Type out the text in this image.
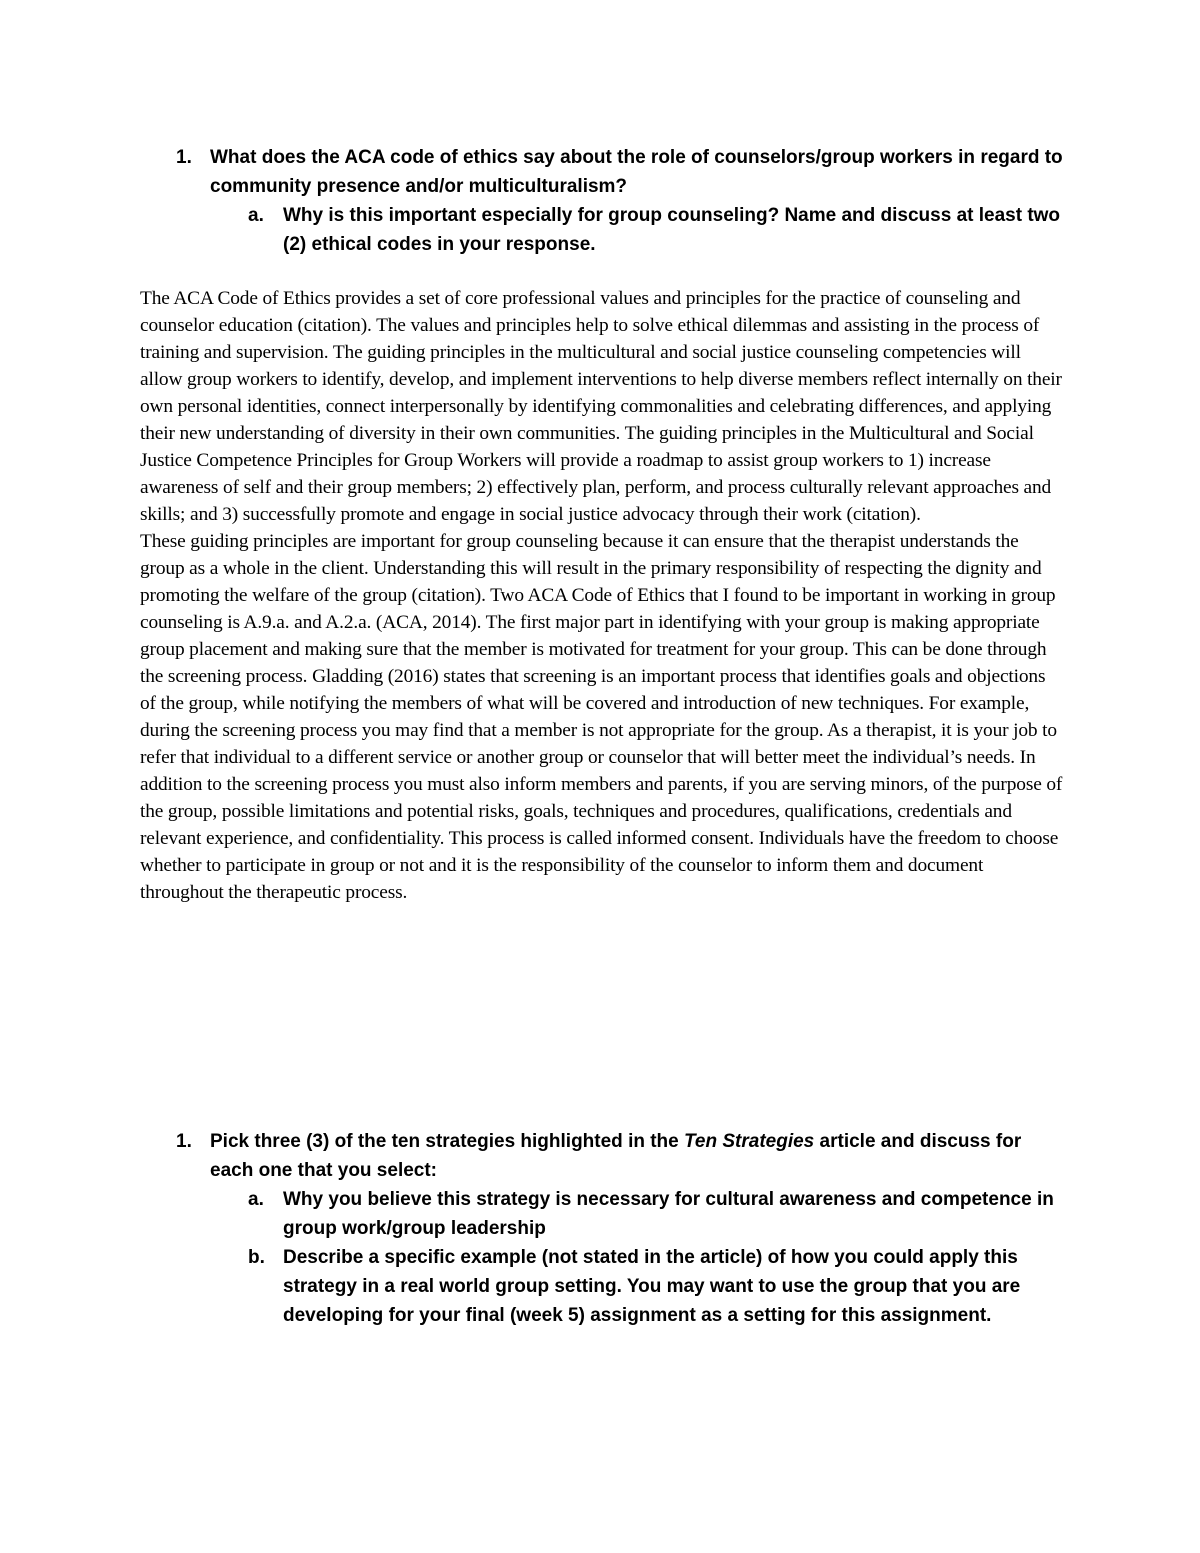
1. What does the ACA code of ethics say about the role of counselors/group workers in regard to community presence and/or multiculturalism?
a.	Why is this important especially for group counseling? Name and discuss at least two (2) ethical codes in your response.

The ACA Code of Ethics provides a set of core professional values and principles for the practice of counseling and counselor education (citation). The values and principles help to solve ethical dilemmas and assisting in the process of training and supervision. The guiding principles in the multicultural and social justice counseling competencies will allow group workers to identify, develop, and implement interventions to help diverse members reflect internally on their own personal identities, connect interpersonally by identifying commonalities and celebrating differences, and applying their new understanding of diversity in their own communities. The guiding principles in the Multicultural and Social Justice Competence Principles for Group Workers will provide a roadmap to assist group workers to 1) increase awareness of self and their group members; 2) effectively plan, perform, and process culturally relevant approaches and skills; and 3) successfully promote and engage in social justice advocacy through their work (citation).

These guiding principles are important for group counseling because it can ensure that the therapist understands the group as a whole in the client. Understanding this will result in the primary responsibility of respecting the dignity and promoting the welfare of the group (citation). Two ACA Code of Ethics that I found to be important in working in group counseling is A.9.a. and A.2.a. (ACA, 2014). The first major part in identifying with your group is making appropriate group placement and making sure that the member is motivated for treatment for your group. This can be done through the screening process. Gladding (2016) states that screening is an important process that identifies goals and objections of the group, while notifying the members of what will be covered and introduction of new techniques. For example, during the screening process you may find that a member is not appropriate for the group. As a therapist, it is your job to refer that individual to a different service or another group or counselor that will better meet the individual’s needs. In addition to the screening process you must also inform members and parents, if you are serving minors, of the purpose of the group, possible limitations and potential risks, goals, techniques and procedures, qualifications, credentials and relevant experience, and confidentiality. This process is called informed consent. Individuals have the freedom to choose whether to participate in group or not and it is the responsibility of the counselor to inform them and document throughout the therapeutic process.

1. Pick three (3) of the ten strategies highlighted in the Ten Strategies article and discuss for each one that you select:
a.	Why you believe this strategy is necessary for cultural awareness and competence in group work/group leadership
b. Describe a specific example (not stated in the article) of how you could apply this strategy in a real world group setting. You may want to use the group that you are developing for your final (week 5) assignment as a setting for this assignment.
